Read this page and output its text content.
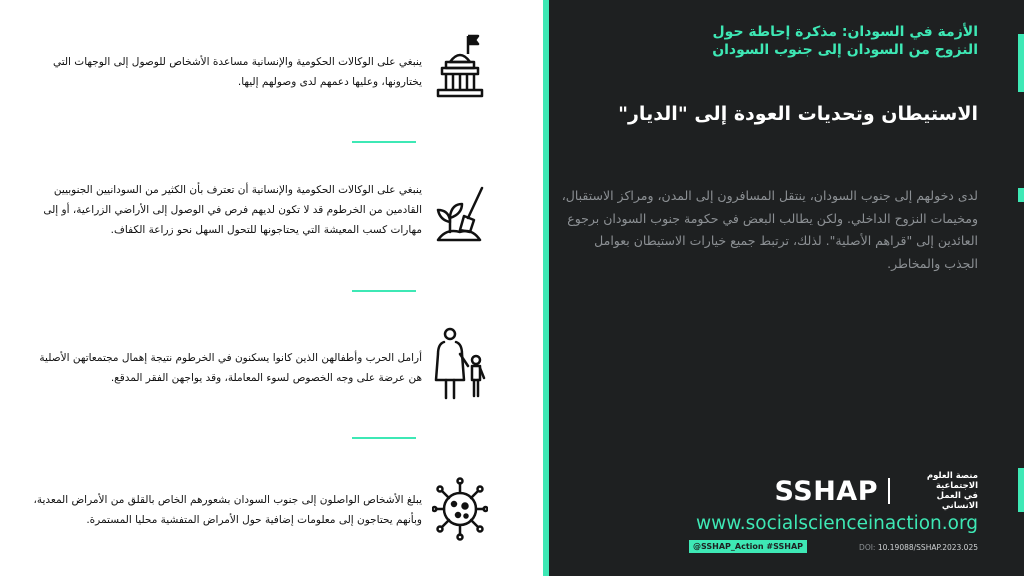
ينبغي على الوكالات الحكومية والإنسانية مساعدة الأشخاص للوصول إلى الوجهات التي يختارونها، وعليها دعمهم لدى وصولهم إليها.
ينبغي على الوكالات الحكومية والإنسانية أن تعترف بأن الكثير من السودانيين الجنوبيين القادمين من الخرطوم قد لا تكون لديهم فرص في الوصول إلى الأراضي الزراعية، أو إلى مهارات كسب المعيشة التي يحتاجونها للتحول السهل نحو زراعة الكفاف.
أرامل الحرب وأطفالهن الذين كانوا يسكنون في الخرطوم نتيجة إهمال مجتمعاتهن الأصلية هن عرضة على وجه الخصوص لسوء المعاملة، وقد يواجهن الفقر المدقع.
يبلغ الأشخاص الواصلون إلى جنوب السودان بشعورهم الخاص بالقلق من الأمراض المعدية، وبأنهم يحتاجون إلى معلومات إضافية حول الأمراض المتفشية محليا المستمرة.
الأزمة في السودان: مذكرة إحاطة حول
النزوح من السودان إلى جنوب السودان
الاستيطان وتحديات العودة إلى "الديار"
لدى دخولهم إلى جنوب السودان، ينتقل المسافرون إلى المدن، ومراكز الاستقبال، ومخيمات النزوح الداخلي. ولكن يطالب البعض في حكومة جنوب السودان برجوع العائدين إلى "قراهم الأصلية". لذلك، ترتبط جميع خيارات الاستيطان بعوامل الجذب والمخاطر.
منصة العلوم الاجتماعية
في العمل الانساني
SSHAP
www.socialscienceinaction.org
DOI: 10.19088/SSHAP.2023.025
@SSHAP_Action #SSHAP
